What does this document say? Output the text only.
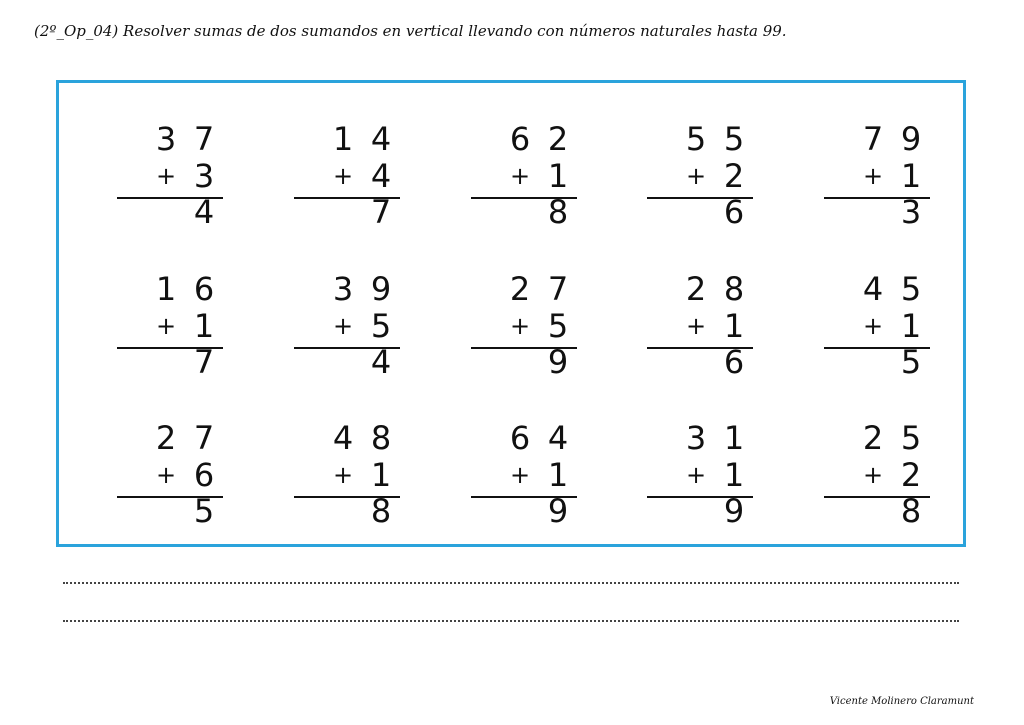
(2º_Op_04) Resolver sumas de dos sumandos en vertical llevando con números naturales hasta 99.
3 7
+ 34
1 4
+ 47
6 2
+ 18
5 5
+ 26
7 9
+ 13
1 6
+ 17
3 9
+ 54
2 7
+ 59
2 8
+ 16
4 5
+ 15
2 7
+ 65
4 8
+ 18
6 4
+ 19
3 1
+ 19
2 5
+ 28
Vicente Molinero Claramunt
